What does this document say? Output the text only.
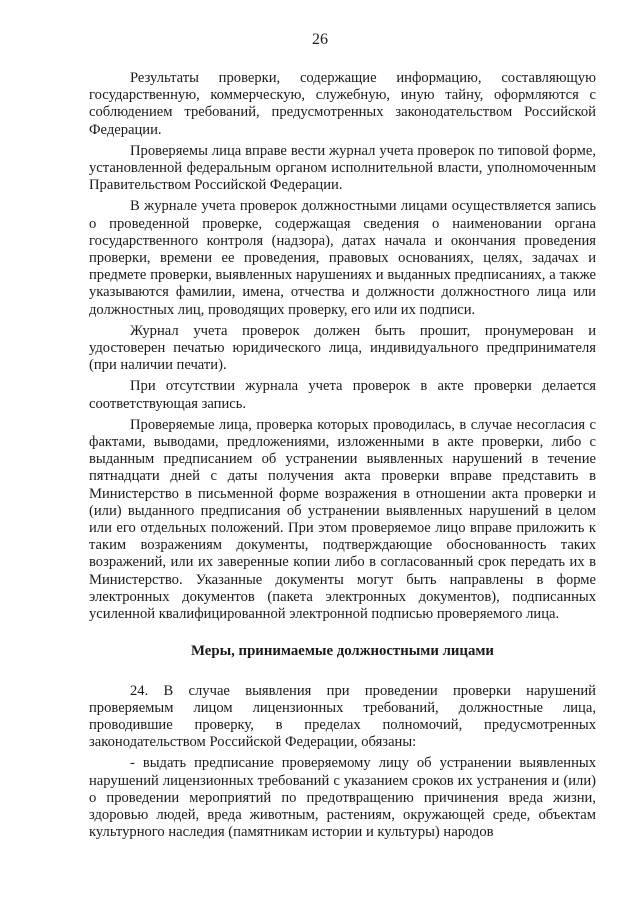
26

Результаты проверки, содержащие информацию, составляющую государственную, коммерческую, служебную, иную тайну, оформляются с соблюдением требований, предусмотренных законодательством Российской Федерации.

Проверяемы лица вправе вести журнал учета проверок по типовой форме, установленной федеральным органом исполнительной власти, уполномоченным Правительством Российской Федерации.

В журнале учета проверок должностными лицами осуществляется запись о проведенной проверке, содержащая сведения о наименовании органа государственного контроля (надзора), датах начала и окончания проведения проверки, времени ее проведения, правовых основаниях, целях, задачах и предмете проверки, выявленных нарушениях и выданных предписаниях, а также указываются фамилии, имена, отчества и должности должностного лица или должностных лиц, проводящих проверку, его или их подписи.

Журнал учета проверок должен быть прошит, пронумерован и удостоверен печатью юридического лица, индивидуального предпринимателя (при наличии печати).

При отсутствии журнала учета проверок в акте проверки делается соответствующая запись.

Проверяемые лица, проверка которых проводилась, в случае несогласия с фактами, выводами, предложениями, изложенными в акте проверки, либо с выданным предписанием об устранении выявленных нарушений в течение пятнадцати дней с даты получения акта проверки вправе представить в Министерство в письменной форме возражения в отношении акта проверки и (или) выданного предписания об устранении выявленных нарушений в целом или его отдельных положений. При этом проверяемое лицо вправе приложить к таким возражениям документы, подтверждающие обоснованность таких возражений, или их заверенные копии либо в согласованный срок передать их в Министерство. Указанные документы могут быть направлены в форме электронных документов (пакета электронных документов), подписанных усиленной квалифицированной электронной подписью проверяемого лица.

Меры, принимаемые должностными лицами

24. В случае выявления при проведении проверки нарушений проверяемым лицом лицензионных требований, должностные лица, проводившие проверку, в пределах полномочий, предусмотренных законодательством Российской Федерации, обязаны:

- выдать предписание проверяемому лицу об устранении выявленных нарушений лицензионных требований с указанием сроков их устранения и (или) о проведении мероприятий по предотвращению причинения вреда жизни, здоровью людей, вреда животным, растениям, окружающей среде, объектам культурного наследия (памятникам истории и культуры) народов
